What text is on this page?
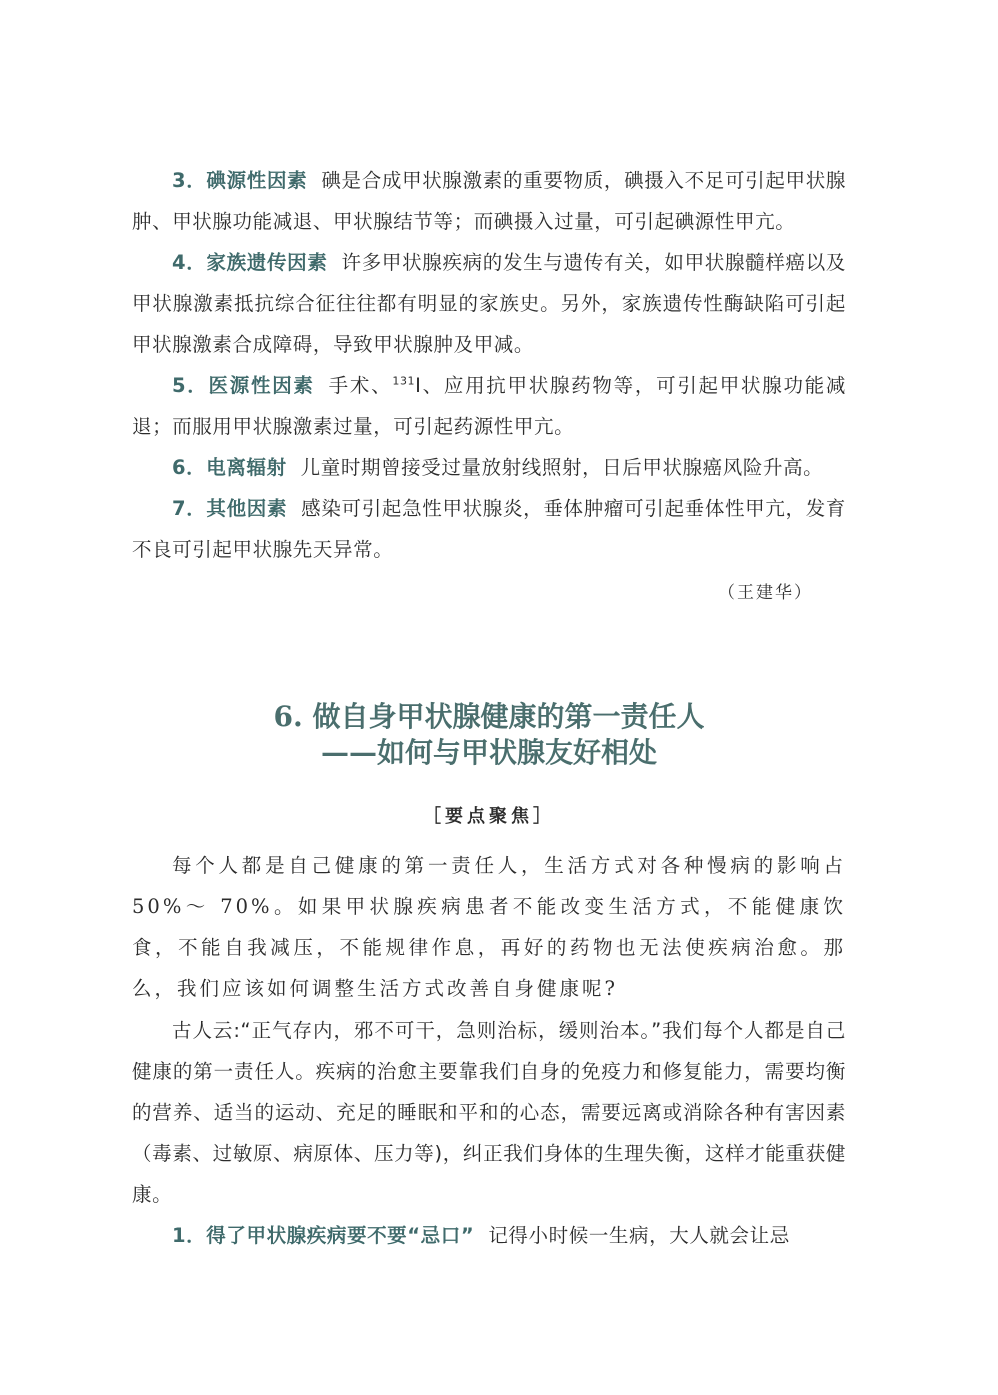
3．碘源性因素 碘是合成甲状腺激素的重要物质，碘摄入不足可引起甲状腺肿、甲状腺功能减退、甲状腺结节等；而碘摄入过量，可引起碘源性甲亢。

4．家族遗传因素 许多甲状腺疾病的发生与遗传有关，如甲状腺髓样癌以及甲状腺激素抵抗综合征往往都有明显的家族史。另外，家族遗传性酶缺陷可引起甲状腺激素合成障碍，导致甲状腺肿及甲减。

5．医源性因素 手术、$^{131}$I、应用抗甲状腺药物等，可引起甲状腺功能减退；而服用甲状腺激素过量，可引起药源性甲亢。

6．电离辐射 儿童时期曾接受过量放射线照射，日后甲状腺癌风险升高。

7．其他因素 感染可引起急性甲状腺炎，垂体肿瘤可引起垂体性甲亢，发育不良可引起甲状腺先天异常。

（王建华）
6. 做自身甲状腺健康的第一责任人
——如何与甲状腺友好相处
［要点聚焦］

每个人都是自己健康的第一责任人，生活方式对各种慢病的影响占50%～ 70%。如果甲状腺疾病患者不能改变生活方式，不能健康饮食，不能自我减压，不能规律作息，再好的药物也无法使疾病治愈。那么，我们应该如何调整生活方式改善自身健康呢?

古人云:“正气存内，邪不可干，急则治标，缓则治本。”我们每个人都是自己健康的第一责任人。疾病的治愈主要靠我们自身的免疫力和修复能力，需要均衡的营养、适当的运动、充足的睡眠和平和的心态，需要远离或消除各种有害因素（毒素、过敏原、病原体、压力等)，纠正我们身体的生理失衡，这样才能重获健康。

1．得了甲状腺疾病要不要“忌口” 记得小时候一生病，大人就会让忌
